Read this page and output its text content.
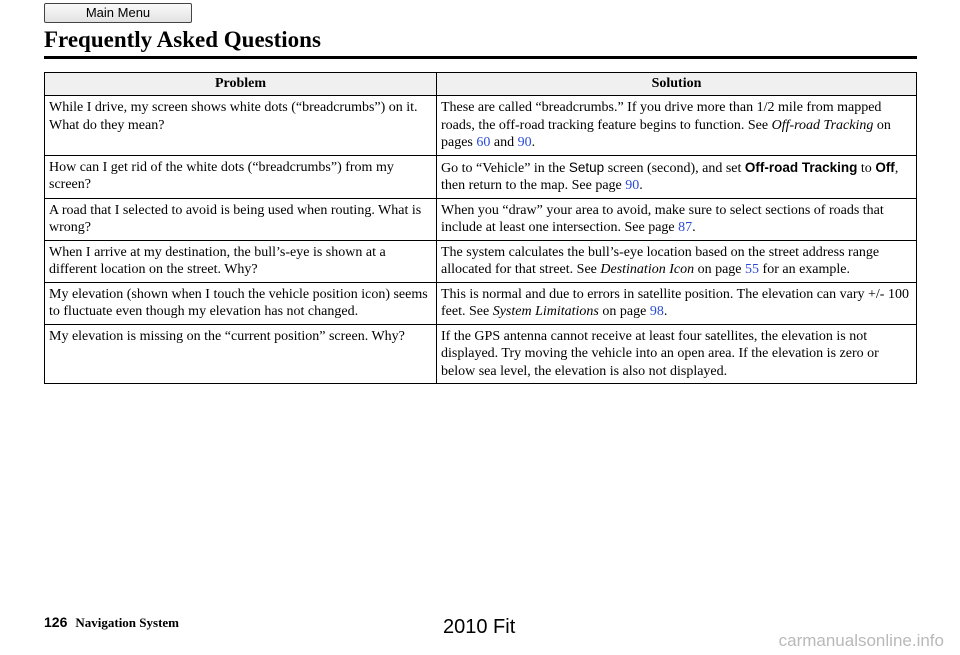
Main Menu
Frequently Asked Questions
Problem	Solution
While I drive, my screen shows white dots (“breadcrumbs”) on it. What do they mean?	These are called “breadcrumbs.” If you drive more than 1/2 mile from mapped roads, the off-road tracking feature begins to function. See Off-road Tracking on pages 60 and 90.
How can I get rid of the white dots (“breadcrumbs”) from my screen?	Go to “Vehicle” in the Setup screen (second), and set Off-road Tracking to Off, then return to the map. See page 90.
A road that I selected to avoid is being used when routing. What is wrong?	When you “draw” your area to avoid, make sure to select sections of roads that include at least one intersection. See page 87.
When I arrive at my destination, the bull’s-eye is shown at a different location on the street. Why?	The system calculates the bull’s-eye location based on the street address range allocated for that street. See Destination Icon on page 55 for an example.
My elevation (shown when I touch the vehicle position icon) seems to fluctuate even though my elevation has not changed.	This is normal and due to errors in satellite position. The elevation can vary +/- 100 feet. See System Limitations on page 98.
My elevation is missing on the “current position” screen. Why?	If the GPS antenna cannot receive at least four satellites, the elevation is not displayed. Try moving the vehicle into an open area. If the elevation is zero or below sea level, the elevation is also not displayed.
126 Navigation System	2010 Fit
carmanualsonline.info
